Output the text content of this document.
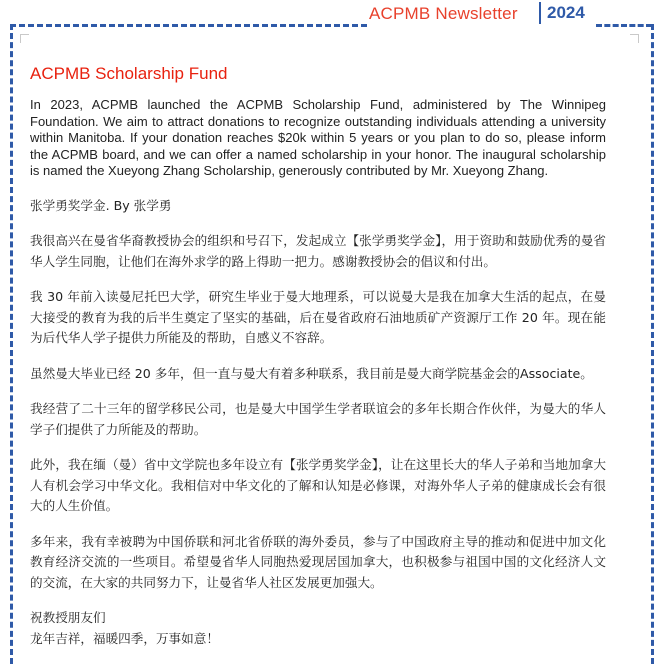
ACPMB Newsletter 2024
ACPMB Scholarship Fund

In 2023, ACPMB launched the ACPMB Scholarship Fund, administered by The Winnipeg Foundation. We aim to attract donations to recognize outstanding individuals attending a university within Manitoba. If your donation reaches $20k within 5 years or you plan to do so, please inform the ACPMB board, and we can offer a named scholarship in your honor. The inaugural scholarship is named the Xueyong Zhang Scholarship, generously contributed by Mr. Xueyong Zhang.

张学勇奖学金. By 张学勇

我很高兴在曼省华裔教授协会的组织和号召下，发起成立【张学勇奖学金】，用于资助和鼓励优秀的曼省华人学生同胞，让他们在海外求学的路上得助一把力。感谢教授协会的倡议和付出。

我 30 年前入读曼尼托巴大学，研究生毕业于曼大地理系，可以说曼大是我在加拿大生活的起点，在曼大接受的教育为我的后半生奠定了坚实的基础，后在曼省政府石油地质矿产资源厅工作 20 年。现在能为后代华人学子提供力所能及的帮助，自感义不容辞。

虽然曼大毕业已经 20 多年，但一直与曼大有着多种联系，我目前是曼大商学院基金会的Associate。

我经营了二十三年的留学移民公司，也是曼大中国学生学者联谊会的多年长期合作伙伴，为曼大的华人学子们提供了力所能及的帮助。

此外，我在缅（曼）省中文学院也多年设立有【张学勇奖学金】，让在这里长大的华人子弟和当地加拿大人有机会学习中华文化。我相信对中华文化的了解和认知是必修课，对海外华人子弟的健康成长会有很大的人生价值。

多年来，我有幸被聘为中国侨联和河北省侨联的海外委员，参与了中国政府主导的推动和促进中加文化教育经济交流的一些项目。希望曼省华人同胞热爱现居国加拿大，也积极参与祖国中国的文化经济人文的交流，在大家的共同努力下，让曼省华人社区发展更加强大。

祝教授朋友们

龙年吉祥，福暖四季，万事如意！
